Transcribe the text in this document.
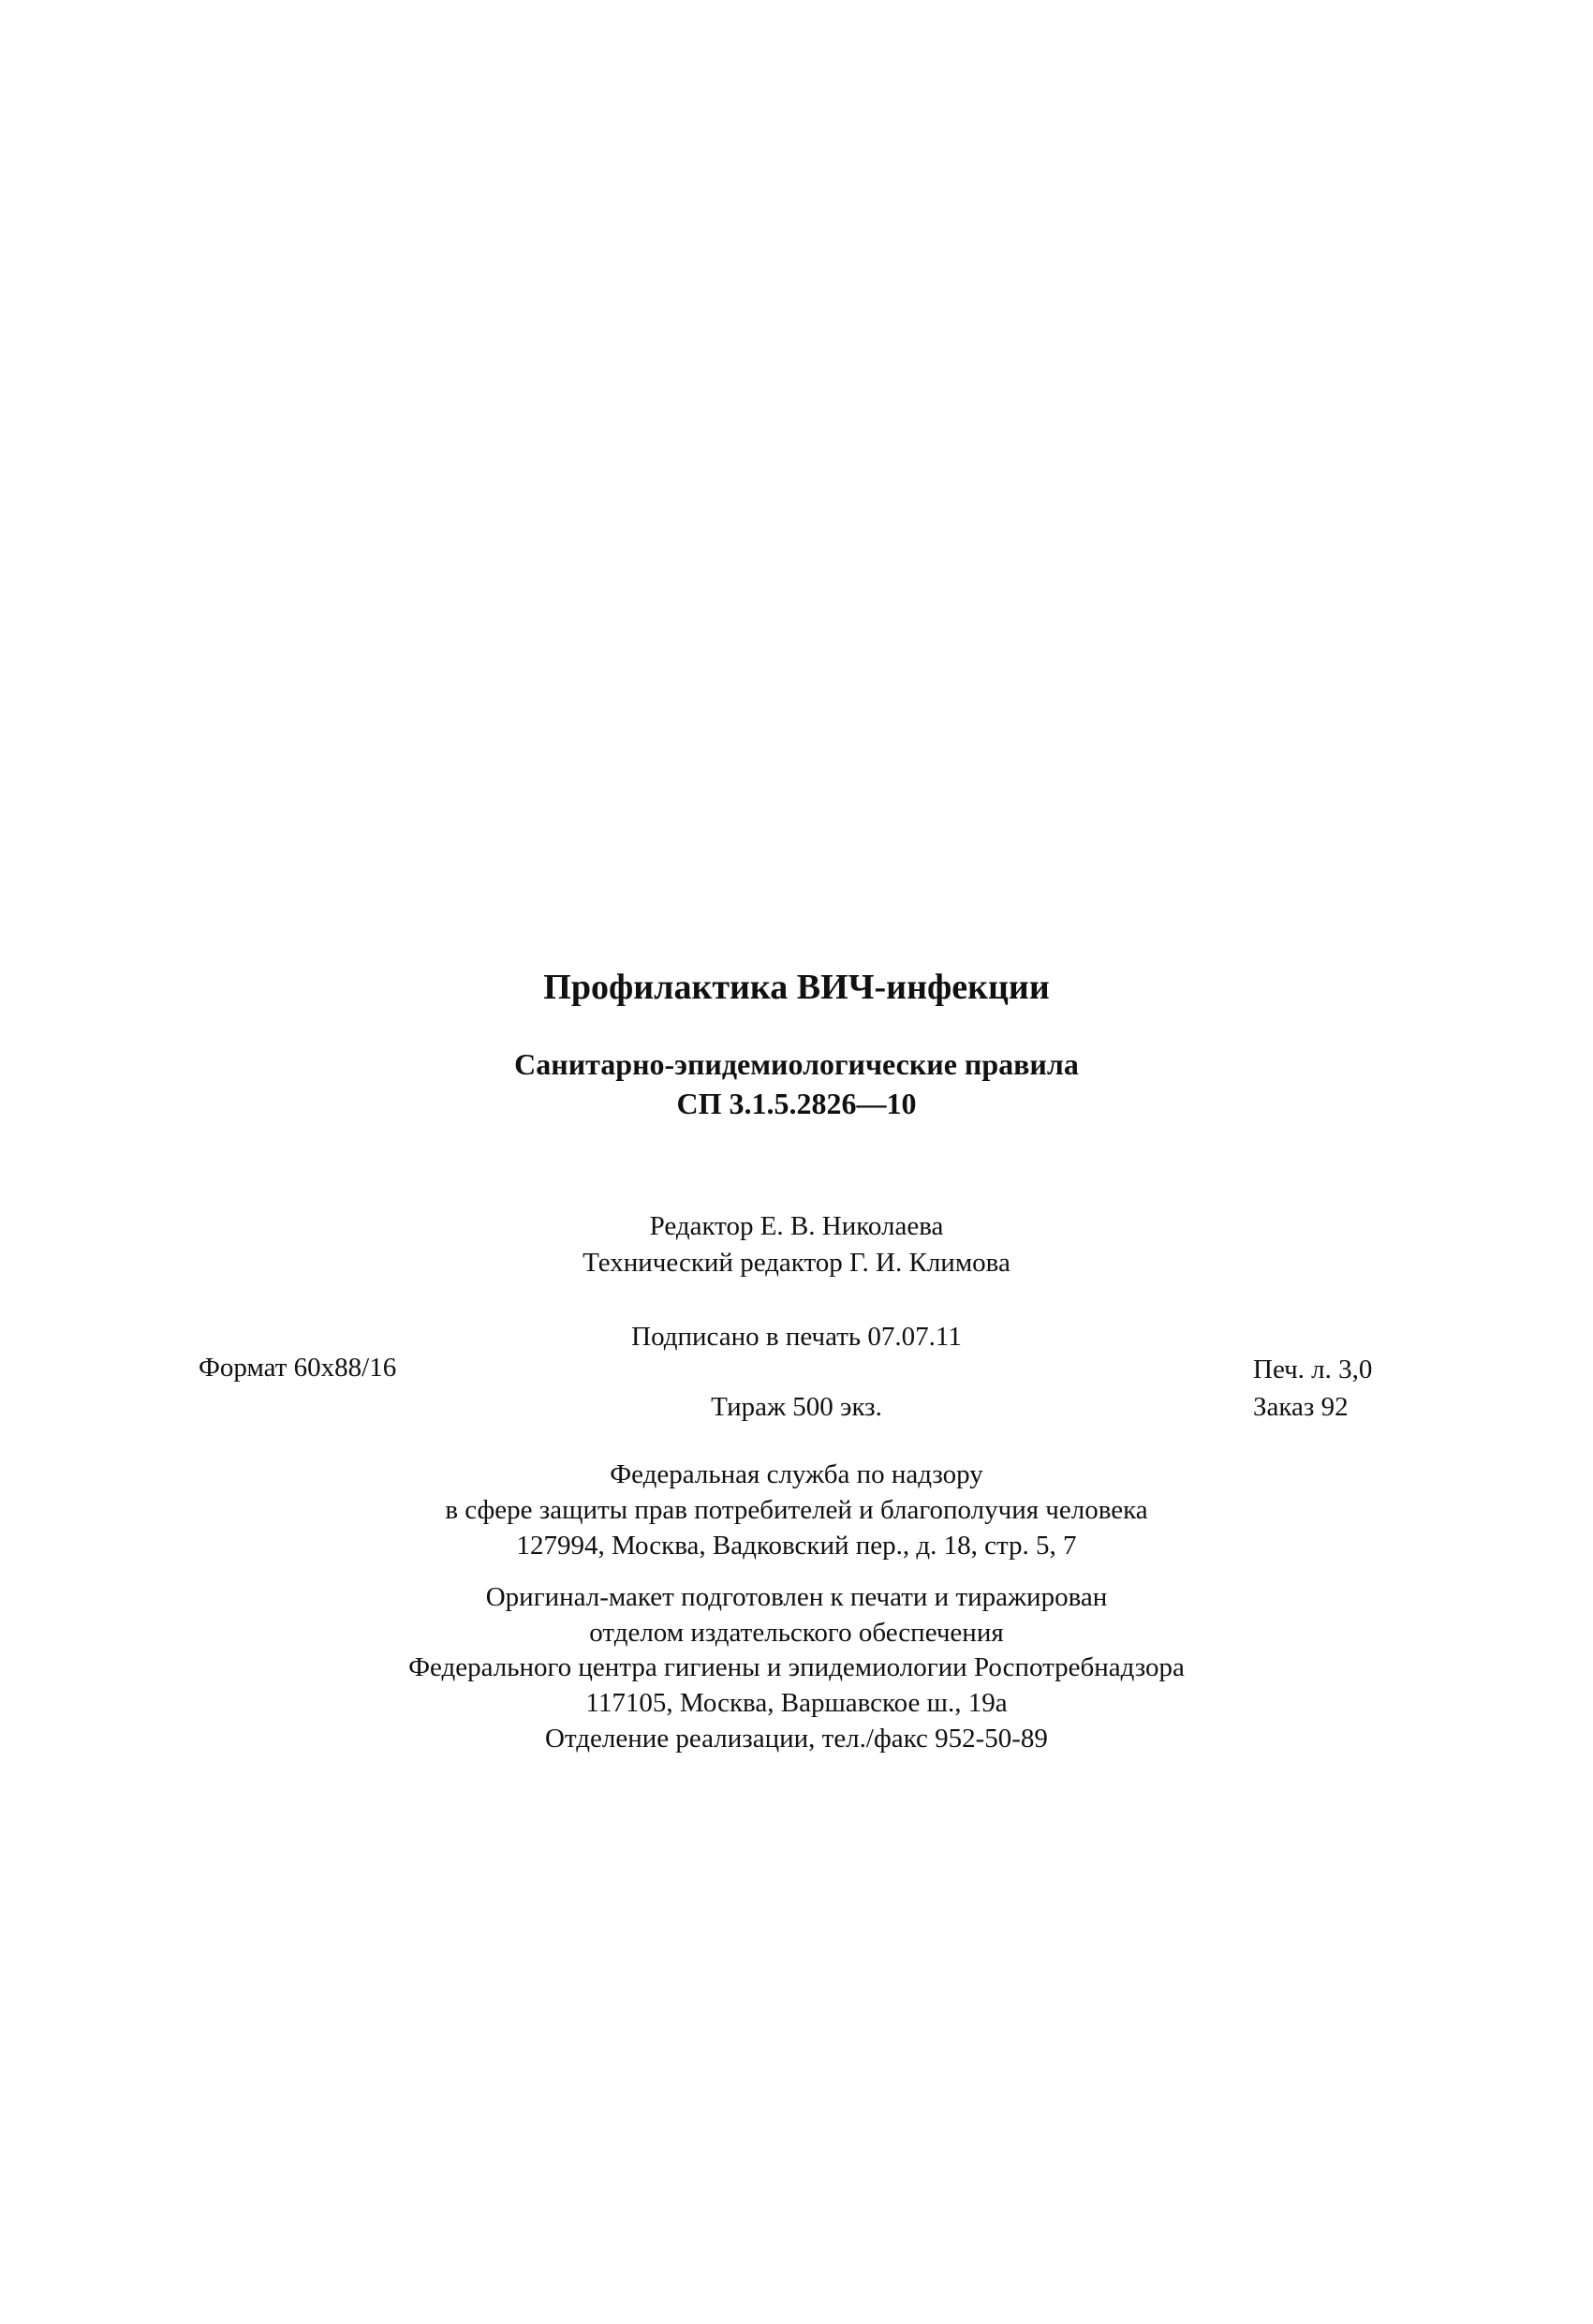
Профилактика ВИЧ-инфекции
Санитарно-эпидемиологические правила
СП 3.1.5.2826—10
Редактор Е. В. Николаева
Технический редактор Г. И. Климова
Подписано в печать 07.07.11
Формат 60x88/16	Печ. л. 3,0
Тираж 500 экз.	Заказ 92
Федеральная служба по надзору
в сфере защиты прав потребителей и благополучия человека
127994, Москва, Вадковский пер., д. 18, стр. 5, 7
Оригинал-макет подготовлен к печати и тиражирован
отделом издательского обеспечения
Федерального центра гигиены и эпидемиологии Роспотребнадзора
117105, Москва, Варшавское ш., 19а
Отделение реализации, тел./факс 952-50-89
